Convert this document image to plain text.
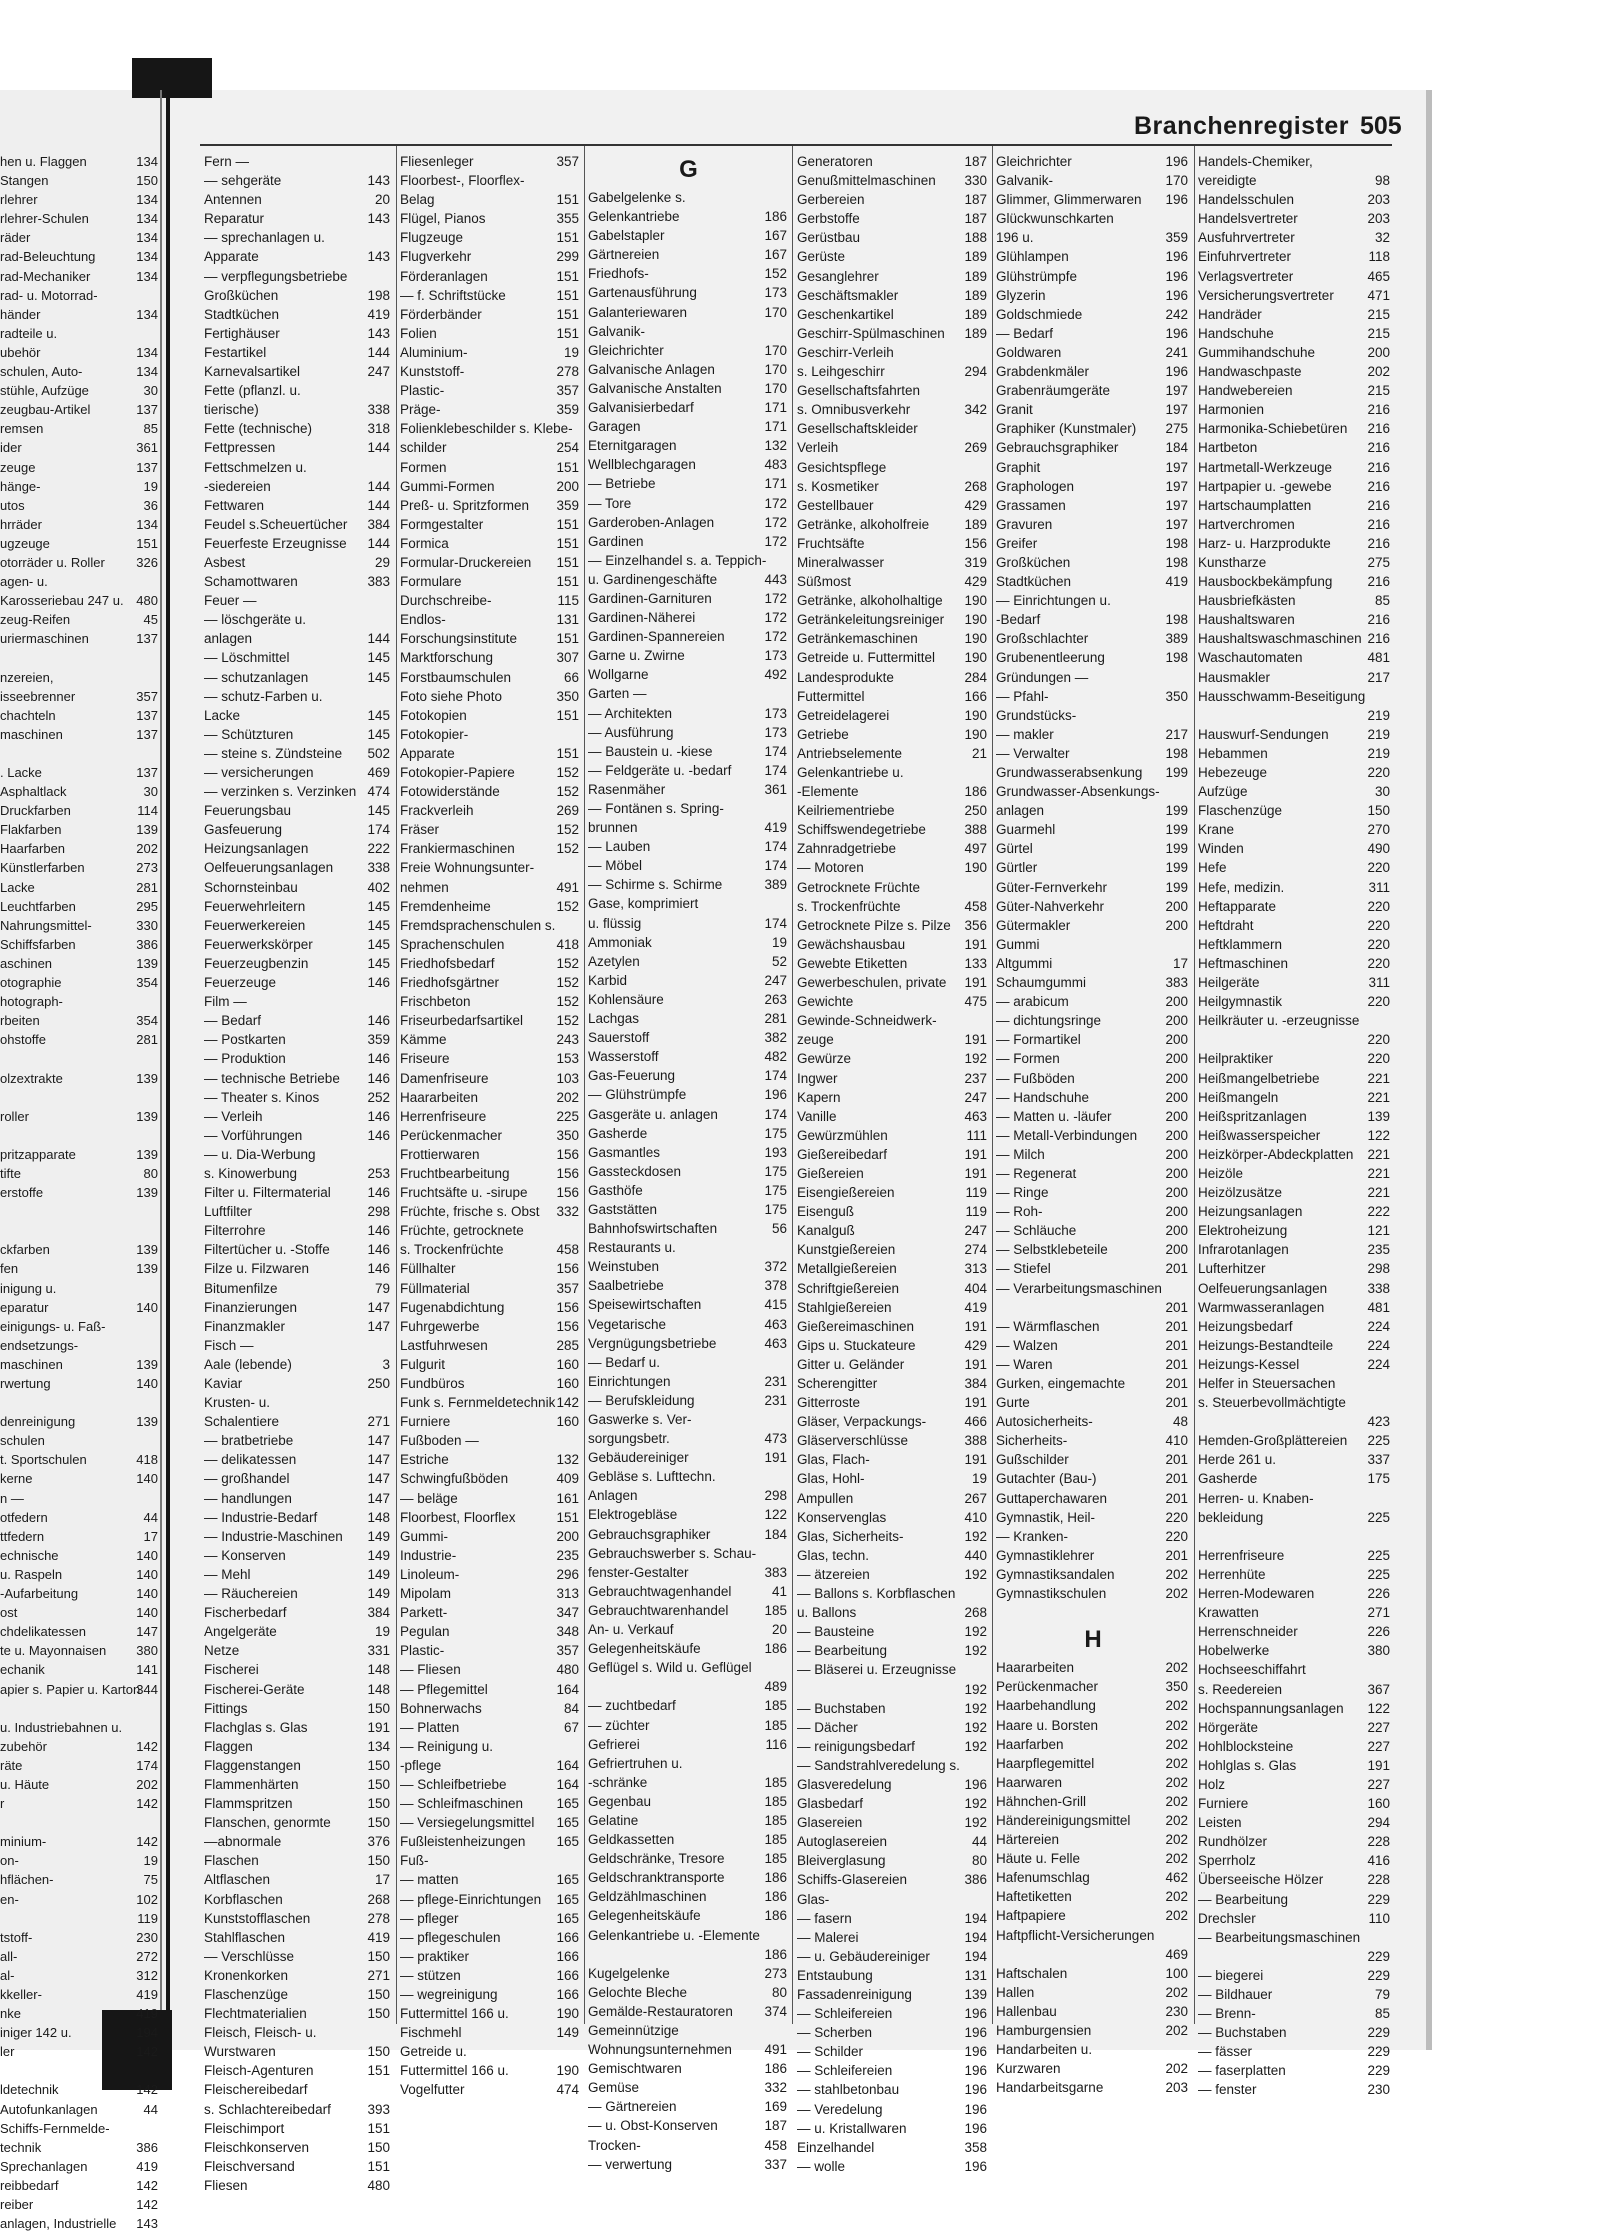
Branchenregister 505
hen u. Flaggen	134
Stangen	150
rlehrer	134
rlehrer-Schulen	134
räder	134
rad-Beleuchtung	134
rad-Mechaniker	134
rad- u. Motorrad-
händer	134
radteile u.
ubehör	134
schulen, Auto-	134
stühle, Aufzüge	30
zeugbau-Artikel	137
remsen	85
ider	361
zeuge	137
hänge-	19
utos	36
hrräder	134
ugzeuge	151
otorräder u. Roller 326
agen- u.
Karosseriebau 247 u. 480
zeug-Reifen	45
uriermaschinen	137
nzereien,
isseebrenner	357
chachteln	137
maschinen	137
. Lacke	137
Asphaltlack	30
Druckfarben	114
Flakfarben	139
Haarfarben	202
Künstlerfarben	273
Lacke	281
Leuchtfarben	295
Nahrungsmittel-	330
Schiffsfarben	386
aschinen	139
otographie	354
hotograph-
rbeiten	354
ohstoffe	281
olzextrakte	139
roller	139
pritzapparate	139
tifte	80
ersto​ffe	139
ckfarben	139
fen	139
inigung u.
eparatur	140
einigungs- u. Faß-
endsetzungs-
maschinen	139
rwertung	140
denreinigung	139
schulen
t. Sportschulen	418
kerne	140
n —
otfedern	44
ttfedern	17
echnische	140
u. Raspeln	140
-Aufarbeitung	140
ost	140
chdelikatessen	147
te u. Mayonnaisen 380
echanik	141
apier s. Papier u. Karton
344
u. Industriebahnen u.
zubehör	142
räte	174
u. Häute	202
r	142
minium-	142
on-	19
hflächen-	75
en-	102
119
tstoff-	230
all-	272
al-	312
kkeller-	419
nke	419
iniger 142 u.	194
ler	142
ldetechnik	142
Autofunkanlagen	44
Schiffs-Fernmelde-
technik	386
Sprechanlagen	419
reibbedarf	142
reiber	142
anlagen, Industrielle 143
Fern —
— sehgeräte	143
Antennen	20
Reparatur	143
— sprechanlagen u.
Apparate	143
— verpflegungsbetriebe
Großküchen	198
Stadtküchen	419
Fertighäuser	143
Festartikel	144
Karnevalsartikel	247
Fette (pflanzl. u.
tierische)	338
Fette (technische)	318
Fettpressen	144
Fettschmelzen u.
-siedereien	144
Fettwaren	144
Feudel s.Scheuertücher 384
Feuerfeste Erzeugnisse 144
Asbest	29
Schamottwaren	383
Feuer —
— löschgeräte u.
anlagen	144
— Löschmittel	145
— schutzanlagen	145
— schutz-Farben u.
Lacke	145
— Schützturen	145
— steine s. Zündsteine 502
— versicherungen	469
— verzinken s. Verzinken 474
Feuerungsbau	145
Gasfeuerung	174
Heizungsanlagen	222
Oelfeuerungsanlagen	338
Schornsteinbau	402
Feuerwehrleitern	145
Feuerwerkereien	145
Feuerwerkskörper	145
Feuerzeugbenzin	145
Feuerzeuge	146
Film —
— Bedarf	146
— Postkarten	359
— Produktion	146
— technische Betriebe 146
— Theater s. Kinos	252
— Verleih	146
— Vorführungen	146
— u. Dia-Werbung
s. Kinowerbung	253
Filter u. Filtermaterial	146
Luftfilter	298
Filterrohre	146
Filtertücher u. -Stoffe	146
Filze u. Filzwaren	146
Bitumenfilze	79
Finanzierungen	147
Finanzmakler	147
Fisch —
Aale (lebende)	3
Kaviar	250
Krusten- u.
Schalentiere	271
— bratbetriebe	147
— delikatessen	147
— großhandel	147
— handlungen	147
— Industrie-Bedarf	148
— Industrie-Maschinen 149
— Konserven	149
— Mehl	149
— Räuchereien	149
Fischerbedarf	384
Angelgeräte	19
Netze	331
Fischerei	148
Fischerei-Geräte	148
Fittings	150
Flachglas s. Glas	191
Flaggen	134
Flaggenstangen	150
Flammenhärten	150
Flammspritzen	150
Flanschen, genormte	150
—abnormale	376
Flaschen	150
Altflaschen	17
Korbflaschen	268
Kunststofflaschen	278
Stahlflaschen	419
— Verschlüsse	150
Kronenkorken	271
Flaschenzüge	150
Flechtmaterialien	150
Fleisch, Fleisch- u.
Wurstwaren	150
Fleisch-Agenturen	151
Fleischereibedarf
s. Schlachtereibedarf	393
Fleischimport	151
Fleischkonserven	150
Fleischversand	151
Fliesen	480
Fliesenleger	357
Floorbest-, Floorflex-
Belag	151
Flügel, Pianos	355
Flugzeuge	151
Flugverkehr	299
Förderanlagen	151
— f. Schriftstücke	151
Förderbänder	151
Folien	151
Aluminium-	19
Kunststoff-	278
Plastic-	357
Präge-	359
Folienklebeschilder s. Klebe-
schilder	254
Formen	151
Gummi-Formen	200
Preß- u. Spritzformen 359
Formgestalter	151
Formica	151
Formular-Druckereien 151
Formulare	151
Durchschreibe-	115
Endlos-	131
Forschungsinstitute	151
Marktforschung	307
Forstbaumschulen	66
Foto siehe Photo	350
Fotokopien	151
Fotokopier-
Apparate	151
Fotokopier-Papiere	152
Fotowiderstände	152
Frackverleih	269
Fräser	152
Frankiermaschinen	152
Freie Wohnungsunter-
nehmen	491
Fremdenheime	152
Fremdsprachenschulen s.
Sprachenschulen	418
Friedhofsbedarf	152
Friedhofsgärtner	152
Frischbeton	152
Friseurbedarfsartikel 152
Kämme	243
Friseure	153
Damenfriseure	103
Haararbeiten	202
Herrenfriseure	225
Perückenmacher	350
Frottierwaren	156
Fruchtbearbeitung	156
Fruchtsäfte u. -sirupe 156
Früchte, frische s. Obst 332
Früchte, getrocknete
s. Trockenfrüchte	458
Füllhalter	156
Füllmaterial	357
Fugenabdichtung	156
Fuhrgewerbe	156
Lastfuhrwesen	285
Fulgurit	160
Fundbüros	160
Funk s. Fernmeldetechnik 142
Furniere	160
Fußboden —
Estriche	132
Schwingfußböden	409
— beläge	161
Floorbest, Floorflex	151
Gummi-	200
Industrie-	235
Linoleum-	296
Mipolam	313
Parkett-	347
Pegulan	348
Plastic-	357
— Fliesen	480
— Pflegemittel	164
Bohnerwachs	84
— Platten	67
— Reinigung u.
-pflege	164
— Schleifbetriebe	164
— Schleifmaschinen 165
— Versiegelungsmittel 165
Fußleistenheizungen 165
Fuß-
— matten	165
— pflege-Einrichtungen 165
— pfleger	165
— pflegeschulen	166
— praktiker	166
— stützen	166
— wegreinigung	166
Futtermittel 166 u.	190
Fischmehl	149
Getreide u.
Futtermittel 166 u.	190
Vogelfutter	474
G
Gabelgelenke s.
Gelenkantriebe	186
Gabelstapler	167
Gärtnereien	167
Friedhofs-	152
Gartenausführung	173
Galanteriewaren	170
Galvanik-
Gleichrichter	170
Galvanische Anlagen	170
Galvanische Anstalten	170
Galvanisierbedarf	171
Garagen	171
Eternitgaragen	132
Wellblechgaragen	483
— Betriebe	171
— Tore	172
Garderoben-Anlagen	172
Gardinen	172
— Einzelhandel s. a. Teppich-
u. Gardinengeschäfte	443
Gardinen-Garnituren	172
Gardinen-Näherei	172
Gardinen-Spannereien	172
Garne u. Zwirne	173
Wollgarne	492
Garten —
— Architekten	173
— Ausführung	173
— Baustein u. -kiese	174
— Feldgeräte u. -bedarf 174
Rasenmäher	361
— Fontänen s. Spring-
brunnen	419
— Lauben	174
— Möbel	174
— Schirme s. Schirme	389
Gase, komprimiert
u. flüssig	174
Ammoniak	19
Azetylen	52
Karbid	247
Kohlensäure	263
Lachgas	281
Sauerstoff	382
Wasserstoff	482
Gas-Feuerung	174
— Glühstrümpfe	196
Gasgeräte u. anlagen	174
Gasherde	175
Gasmantles	193
Gassteckdosen	175
Gasthöfe	175
Gaststätten	175
Bahnhofswirtschaften	56
Restaurants u.
Weinstuben	372
Saalbetriebe	378
Speisewirtschaften	415
Vegetarische	463
Vergnügungsbetriebe	463
— Bedarf u.
Einrichtungen	231
— Berufskleidung	231
Gaswerke s. Ver-
sorgungsbetr.	473
Gebäudereiniger	191
Gebläse s. Lufttechn.
Anlagen	298
Elektrogebläse	122
Gebrauchsgraphiker	184
Gebrauchswerber s. Schau-
fenster-Gestalter	383
Gebrauchtwagenhandel	41
Gebrauchtwarenhandel	185
An- u. Verkauf	20
Gelegenheitskäufe	186
Geflügel s. Wild u. Geflügel
489
— zuchtbedarf	185
— züchter	185
Gefrierei	116
Gefriertruhen u.
-schränke	185
Gegenbau	185
Gelatine	185
Geldkassetten	185
Geldschränke, Tresore	185
Geldschranktransporte	186
Geldzählmaschinen	186
Gelegenheitskäufe	186
Gelenkantriebe u. -Elemente
186
Kugelgelenke	273
Gelochte Bleche	80
Gemälde-Restauratoren 374
Gemeinnützige
Wohnungsunternehmen 491
Gemischtwaren	186
Gemüse	332
— Gärtnereien	169
— u. Obst-Konserven	187
Trocken-	458
— verwertung	337
Generatoren	187
Genußmittelmaschinen 330
Gerbereien	187
Gerbstoffe	187
Gerüstbau	188
Gerüste	189
Gesanglehrer	189
Geschäftsmakler	189
Geschenkartikel	189
Geschirr-Spülmaschinen 189
Geschirr-Verleih
s. Leihgeschirr	294
Gesellschaftsfahrten
s. Omnibusverkehr	342
Gesellschaftskleider
Verleih	269
Gesichtspflege
s. Kosmetiker	268
Gestellbauer	429
Getränke, alkoholfreie	189
Fruchtsäfte	156
Mineralwasser	319
Süßmost	429
Getränke, alkoholhaltige 190
Getränkeleitungsreiniger 190
Getränkemaschinen	190
Getreide u. Futtermittel 190
Landesprodukte	284
Futtermittel	166
Getreidelagerei	190
Getriebe	190
Antriebselemente	21
Gelenkantriebe u.
-Elemente	186
Keilriementriebe	250
Schiffswendegetriebe	388
Zahnradgetriebe	497
— Motoren	190
Getrocknete Früchte
s. Trockenfrüchte	458
Getrocknete Pilze s. Pilze 356
Gewächshausbau	191
Gewebte Etiketten	133
Gewerbeschulen, private 191
Gewichte	475
Gewinde-Schneidwerk-
zeuge	191
Gewürze	192
Ingwer	237
Kapern	247
Vanille	463
Gewürzmühlen	111
Gießereibedarf	191
Gießereien	191
Eisengießereien	119
Eisenguß	119
Kanalguß	247
Kunstgießereien	274
Metallgießereien	313
Schriftgießereien	404
Stahlgießereien	419
Gießereimaschinen	191
Gips u. Stuckateure	429
Gitter u. Geländer	191
Scherengitter	384
Gitterroste	191
Gläser, Verpackungs-	466
Gläserverschlüsse	388
Glas, Flach-	191
Glas, Hohl-	19
Ampullen	267
Konservenglas	410
Glas, Sicherheits-	192
Glas, techn.	440
— ätzereien	192
— Ballons s. Korbflaschen
u. Ballons	268
— Bausteine	192
— Bearbeitung	192
— Bläserei u. Erzeugnisse
192
— Buchstaben	192
— Dächer	192
— reinigungsbedarf	192
— Sandstrahlveredelung s.
Glasveredelung	196
Glasbedarf	192
Glasereien	192
Autoglasereien	44
Bleiverglasung	80
Schiffs-Glasereien	386
Glas-
— fasern	194
— Malerei	194
— u. Gebäudereiniger	194
Entstaubung	131
Fassadenreinigung	139
— Schleifereien	196
— Scherben	196
— Schilder	196
— Schleifereien	196
— stahlbetonbau	196
— Veredelung	196
— u. Kristallwaren	196
Einzelhandel	358
— wolle	196
Gleichrichter	196
Galvanik-	170
Glimmer, Glimmerwaren 196
Glückwunschkarten
196 u.	359
Glühlampen	196
Glühstrümpfe	196
Glyzerin	196
Goldschmiede	242
— Bedarf	196
Goldwaren	241
Grabdenkmäler	196
Grabenräumgeräte	197
Granit	197
Graphiker (Kunstmaler) 275
Gebrauchsgraphiker	184
Graphit	197
Graphologen	197
Grassamen	197
Gravuren	197
Greifer	198
Großküchen	198
Stadtküchen	419
— Einrichtungen u.
-Bedarf	198
Großschlachter	389
Grubenentleerung	198
Gründungen —
— Pfahl-	350
Grundstücks-
— makler	217
— Verwalter	198
Grundwasserabsenkung 199
Grundwasser-Absenkungs-
anlagen	199
Guarmehl	199
Gürtel	199
Gürtler	199
Güter-Fernverkehr	199
Güter-Nahverkehr	200
Gütermakler	200
Gummi
Altgummi	17
Schaumgummi	383
— arabicum	200
— dichtungsringe	200
— Formartikel	200
— Formen	200
— Fußböden	200
— Handschuhe	200
— Matten u. -läufer	200
— Metall-Verbindungen 200
— Milch	200
— Regenerat	200
— Ringe	200
— Roh-	200
— Schläuche	200
— Selbstklebeteile	200
— Stiefel	201
— Verarbeitungsmaschinen
201
— Wärmflaschen	201
— Walzen	201
— Waren	201
Gurken, eingemachte	201
Gurte	201
Autosicherheits-	48
Sicherheits-	410
Gußschilder	201
Gutachter (Bau-)	201
Guttaperchawaren	201
Gymnastik, Heil-	220
— Kranken-	220
Gymnastiklehrer	201
Gymnastiksandalen	202
Gymnastikschulen	202
H
Haararbeiten	202
Perückenmacher	350
Haarbehandlung	202
Haare u. Borsten	202
Haarfarben	202
Haarpflegemittel	202
Haarwaren	202
Hähnchen-Grill	202
Händereinigungsmittel	202
Härtereien	202
Häute u. Felle	202
Hafenumschlag	462
Haftetiketten	202
Haftpapiere	202
Haftpflicht-Versicherungen
469
Haftschalen	100
Hallen	202
Hallenbau	230
Hamburgensien	202
Handarbeiten u.
Kurzwaren	202
Handarbeitsgarne	203
Handels-Chemiker,
vereidigte	98
Handelsschulen	203
Handelsvertreter	203
Ausfuhrvertreter	32
Einfuhrvertreter	118
Verlagsvertreter	465
Versicherungsvertreter 471
Handräder	215
Handschuhe	215
Gummihandschuhe	200
Handwaschpaste	202
Handwebereien	215
Harmonien	216
Harmonika-Schiebetüren 216
Hartbeton	216
Hartmetall-Werkzeuge	216
Hartpapier u. -gewebe	216
Hartschaumplatten	216
Hartverchromen	216
Harz- u. Harzprodukte	216
Kunstharze	275
Hausbockbekämpfung	216
Hausbriefkästen	85
Haushaltswaren	216
Haushaltswaschmaschinen 216
Waschautomaten	481
Hausmakler	217
Hausschwamm-Beseitigung
219
Hauswurf-Sendungen	219
Hebammen	219
Hebezeuge	220
Aufzüge	30
Flaschenzüge	150
Krane	270
Winden	490
Hefe	220
Hefe, medizin.	311
Heftapparate	220
Heftdraht	220
Heftklammern	220
Heftmaschinen	220
Heilgeräte	311
Heilgymnastik	220
Heilkräuter u. -erzeugnisse
220
Heilpraktiker	220
Heißmangelbetriebe	221
Heißmangeln	221
Heißspritzanlagen	139
Heißwasserspeicher	122
Heizkörper-Abdeckplatten 221
Heizöle	221
Heizölzusätze	221
Heizungsanlagen	222
Elektroheizung	121
Infrarotanlagen	235
Lufterhitzer	298
Oelfeuerungsanlagen	338
Warmwasseranlagen	481
Heizungsbedarf	224
Heizungs-Bestandteile	224
Heizungs-Kessel	224
Helfer in Steuersachen
s. Steuerbevollmächtigte
423
Hemden-Großplättereien 225
Herde 261 u.	337
Gasherde	175
Herren- u. Knaben-
bekleidung	225
Herrenfriseure	225
Herrenhüte	225
Herren-Modewaren	226
Krawatten	271
Herrenschneider	226
Hobelwerke	380
Hochseeschiffahrt
s. Reedereien	367
Hochspannungsanlagen 122
Hörgeräte	227
Hohlblocksteine	227
Hohlglas s. Glas	191
Holz	227
Furniere	160
Leisten	294
Rundhölzer	228
Sperrholz	416
Überseeische Hölzer	228
— Bearbeitung	229
Drechsler	110
— Bearbeitungsmaschinen
229
— biegerei	229
— Bildhauer	79
— Brenn-	85
— Buchstaben	229
— fässer	229
— faserplatten	229
— fenster	230
